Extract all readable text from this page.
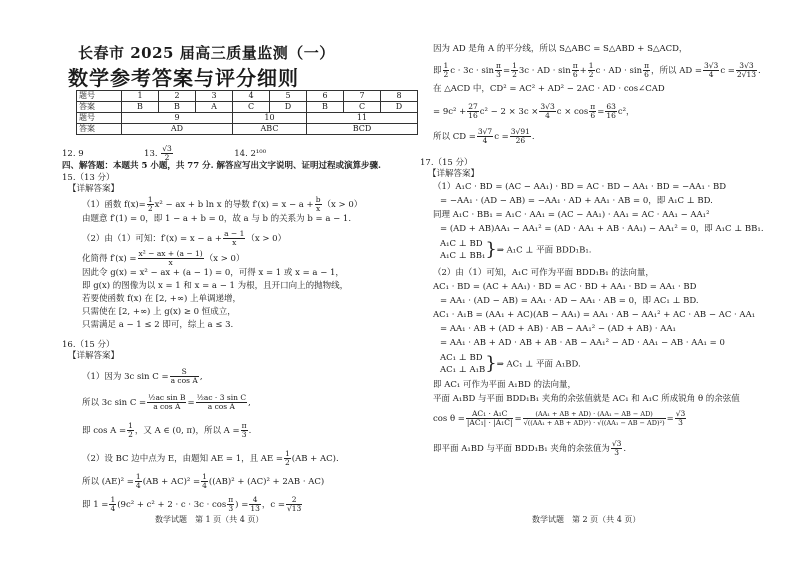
长春市 2025 届高三质量监测（一）
数学参考答案与评分细则
题号	1	2	3	4	5	6	7	8
答案	B	B	A	C	D	B	C	D
题号	9			10		11		
答案	AD			ABC		BCD		
12. 9	13. $\frac{√3}{2}$	14. 2¹⁰⁰
四、解答题：本题共 5 小题，共 77 分. 解答应写出文字说明、证明过程或演算步骤.
15.（13 分）
【详解答案】
（1）函数 $f(x)= \frac{1}{2} x^2$ − ax + b ln x 的导数 $f'(x) = x - a + \frac{b}{x} (x > 0)$
由题意 f′(1) = 0，即 1 − a + b = 0，故 a 与 b 的关系为 b = a − 1.
（2）由（1）可知：$f'(x) = x - a + \frac{a - 1}{x} (x > 0)$
化简得 $f'(x) = \frac{\text{x² − ax + (a − 1)}}{x} (x > 0)$
因此令 g(x) = x² − ax + (a − 1) = 0，可得 x = 1 或 x = a − 1，
即 g(x) 的图像为以 x = 1 和 x = a − 1 为根，且开口向上的抛物线，
若要使函数 f(x) 在 [2, +∞) 上单调递增，
只需使在 [2, +∞) 上 g(x) ≥ 0 恒成立，
只需满足 a − 1 ≤ 2 即可，综上 a ≤ 3.
16.（15 分）
【详解答案】
（1）因为 3c $\sin C = \frac{S}{\text{a cos A}}$ ,
所以 3c $\sin C = \frac{\text{½ac sin B}}{\text{a cos A}} = \frac{\text{½ac · 3 sin C}}{\text{a cos A}}$ ,
即 $\cos A = \frac{1}{2}$ ，又 A ∈ (0, π)，所以 $A = \frac{\pi}{3}$ .
（2）设 BC 边中点为 E，由题知 AE = 1，且 AE = $\frac{1}{2} (AB + AC)$.
所以 $(AE)^2 = \frac{1}{4} (AB + AC)^2 = \frac{1}{4} ((AB)^2 + (AC)^2 + 2AB \cdot AC)$
即 $1 = \frac{1}{4} (9c^2 + c^2 + 2 \cdot c \cdot 3c \cdot \cos \frac{\pi}{3}$ ) = $\frac{4}{13}$ ，$c = \frac{2}{√13}$
数学试题　第 1 页（共 4 页）
因为 AD 是角 A 的平分线，所以 S△ABC = S△ABD + S△ACD，
即 $\frac{1}{2}$ $c \cdot 3c \cdot \sin \frac{\pi}{3} = \frac{1}{2} 3c$ · AD · $\sin \frac{\pi}{6} + \frac{1}{2}$ c · AD · $\sin \frac{\pi}{6}$ ，所以 AD = $\frac{3√3}{4}$ $c = \frac{3√3}{2√13}$ .
在 △ACD 中，CD² = AC² + AD² − 2AC · AD · cos∠CAD
= $9c^2 + \frac{27}{16} c^2 - 2 \times 3c \times \frac{3√3}{4}$ $c \times \cos \frac{\pi}{6} = \frac{63}{16} c^2$，
所以 CD = $\frac{3√7}{4}$ $c = \frac{3√91}{26}$ .
17.（15 分）
【详解答案】
（1）A₁C · BD = (AC − AA₁) · BD = AC · BD − AA₁ · BD = −AA₁ · BD
= −AA₁ · (AD − AB) = −AA₁ · AD + AA₁ · AB = 0，即 A₁C ⊥ BD.
同理 A₁C · BB₁ = A₁C · AA₁ = (AC − AA₁) · AA₁ = AC · AA₁ − AA₁²
= (AD + AB)AA₁ − AA₁² = (AD · AA₁ + AB · AA₁) − AA₁² = 0，即 A₁C ⊥ BB₁.
A₁C ⊥ BD
A₁C ⊥ BB₁ }⇒ A₁C ⊥ 平面 BDD₁B₁.
（2）由（1）可知，A₁C 可作为平面 BDD₁B₁ 的法向量，
AC₁ · BD = (AC + AA₁) · BD = AC · BD + AA₁ · BD = AA₁ · BD
= AA₁ · (AD − AB) = AA₁ · AD − AA₁ · AB = 0，即 AC₁ ⊥ BD.
AC₁ · A₁B = (AA₁ + AC)(AB − AA₁) = AA₁ · AB − AA₁² + AC · AB − AC · AA₁
= AA₁ · AB + (AD + AB) · AB − AA₁² − (AD + AB) · AA₁
= AA₁ · AB + AD · AB + AB · AB − AA₁² − AD · AA₁ − AB · AA₁ = 0
AC₁ ⊥ BD
AC₁ ⊥ A₁B }⇒ AC₁ ⊥ 平面 A₁BD.
即 AC₁ 可作为平面 A₁BD 的法向量，
平面 A₁BD 与平面 BDD₁B₁ 夹角的余弦值就是 AC₁ 和 A₁C 所成锐角 θ 的余弦值
$\cos \theta = \frac{\text{AC₁ · A₁C}}{\text{|AC₁| · |A₁C|}} = \frac{\text{(AA₁ + AB + AD) · (AA₁ − AB − AD)}}{\text{√((AA₁ + AB + AD)²) · √((AA₁ − AB − AD)²)}} = \frac{√3}{3}$
即平面 A₁BD 与平面 BDD₁B₁ 夹角的余弦值为 $\frac{√3}{3}$ .
数学试题　第 2 页（共 4 页）
